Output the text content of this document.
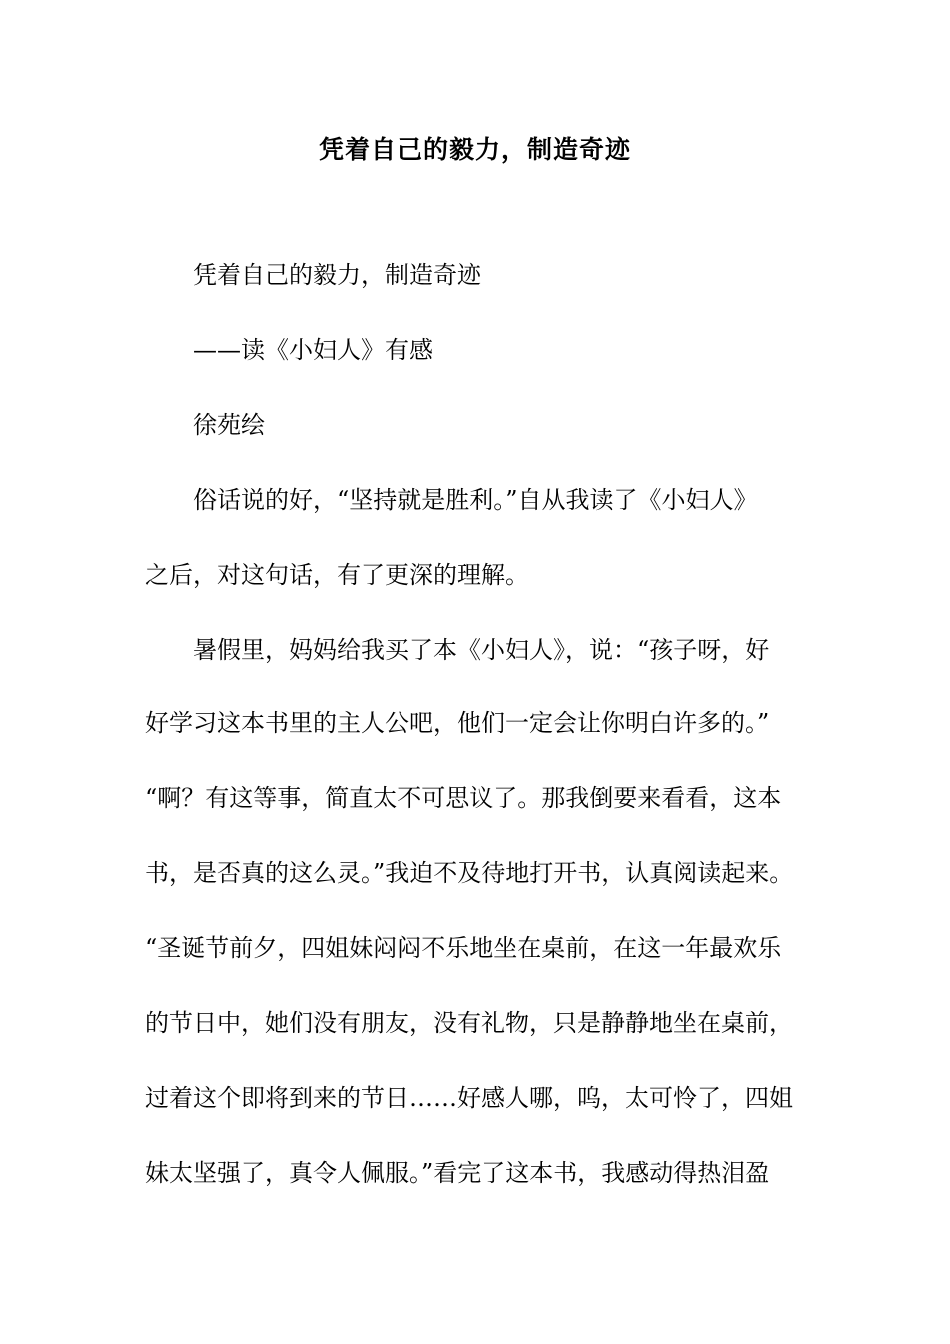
凭着自己的毅力，制造奇迹

凭着自己的毅力，制造奇迹

——读《小妇人》有感

徐苑绘

俗话说的好，“坚持就是胜利。”自从我读了《小妇人》

之后，对这句话，有了更深的理解。

暑假里，妈妈给我买了本《小妇人》，说：“孩子呀，好

好学习这本书里的主人公吧，他们一定会让你明白许多的。”

“啊？有这等事，简直太不可思议了。那我倒要来看看，这本

书，是否真的这么灵。”我迫不及待地打开书，认真阅读起来。

“圣诞节前夕，四姐妹闷闷不乐地坐在桌前，在这一年最欢乐

的节日中，她们没有朋友，没有礼物，只是静静地坐在桌前，

过着这个即将到来的节日……好感人哪，呜，太可怜了，四姐

妹太坚强了，真令人佩服。”看完了这本书，我感动得热泪盈
